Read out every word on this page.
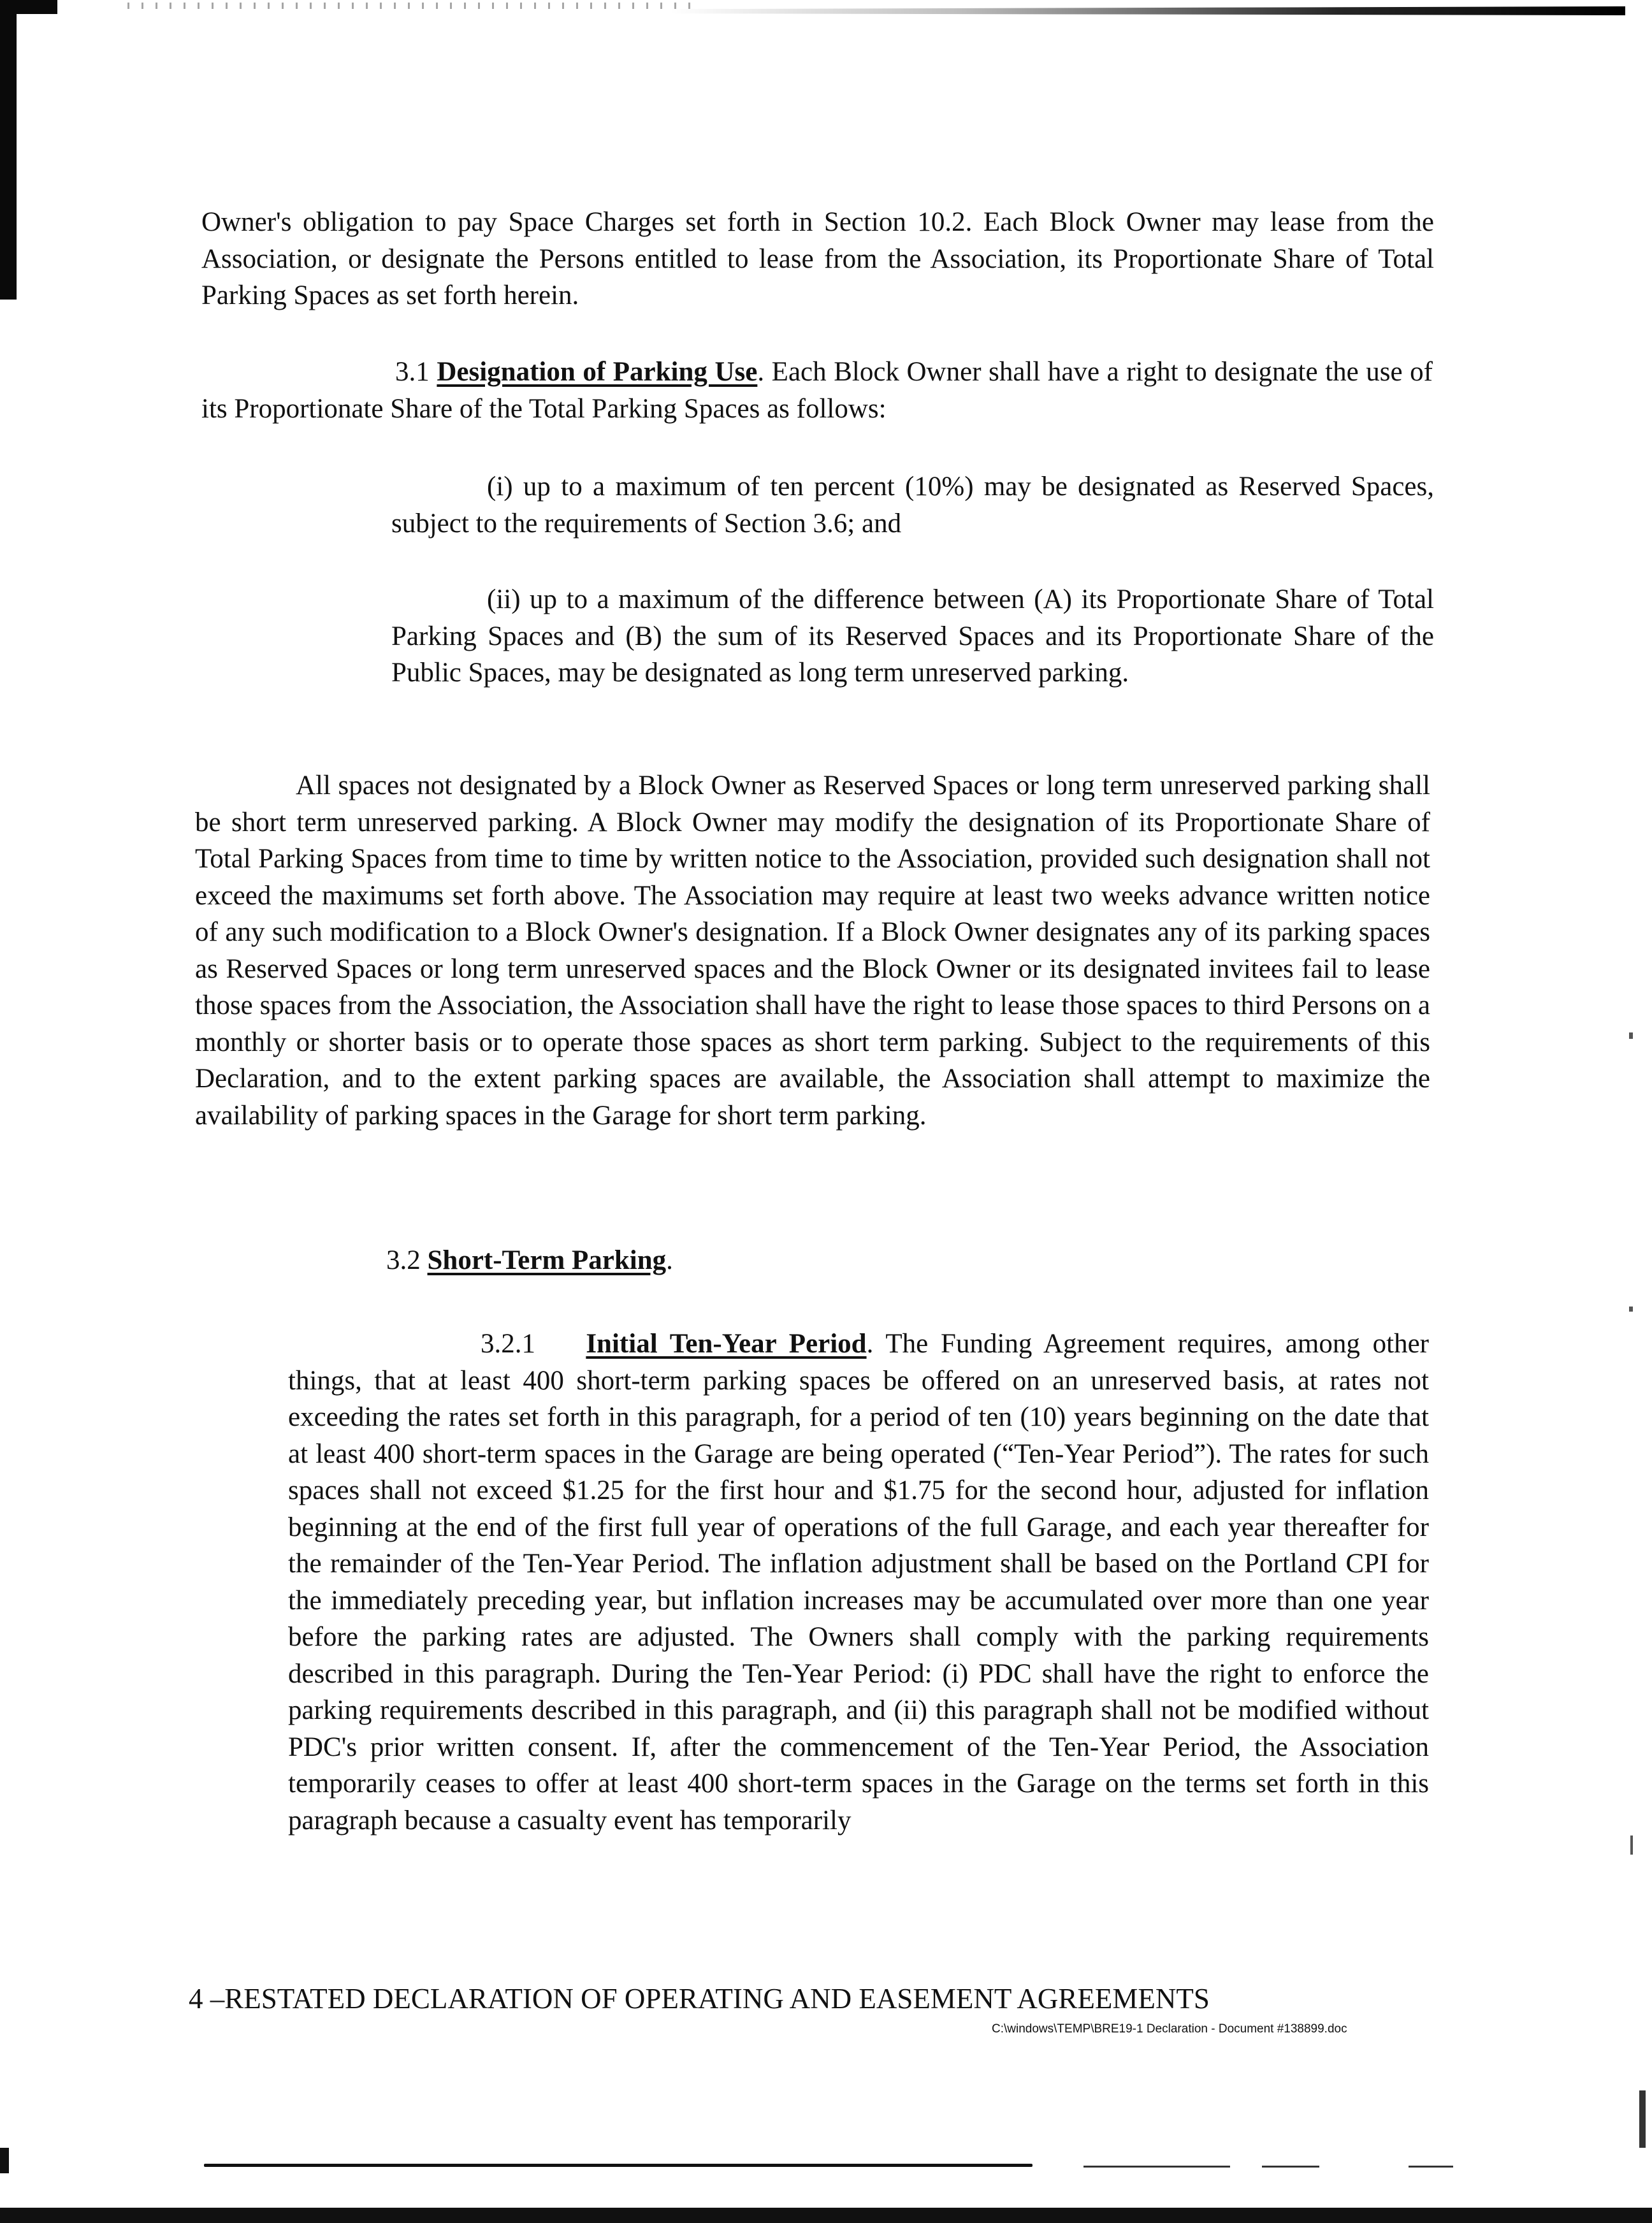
Owner's obligation to pay Space Charges set forth in Section 10.2. Each Block Owner may lease from the Association, or designate the Persons entitled to lease from the Association, its Proportionate Share of Total Parking Spaces as set forth herein.

3.1 Designation of Parking Use. Each Block Owner shall have a right to designate the use of its Proportionate Share of the Total Parking Spaces as follows:

(i) up to a maximum of ten percent (10%) may be designated as Reserved Spaces, subject to the requirements of Section 3.6; and

(ii) up to a maximum of the difference between (A) its Proportionate Share of Total Parking Spaces and (B) the sum of its Reserved Spaces and its Proportionate Share of the Public Spaces, may be designated as long term unreserved parking.

All spaces not designated by a Block Owner as Reserved Spaces or long term unreserved parking shall be short term unreserved parking. A Block Owner may modify the designation of its Proportionate Share of Total Parking Spaces from time to time by written notice to the Association, provided such designation shall not exceed the maximums set forth above. The Association may require at least two weeks advance written notice of any such modification to a Block Owner's designation. If a Block Owner designates any of its parking spaces as Reserved Spaces or long term unreserved spaces and the Block Owner or its designated invitees fail to lease those spaces from the Association, the Association shall have the right to lease those spaces to third Persons on a monthly or shorter basis or to operate those spaces as short term parking. Subject to the requirements of this Declaration, and to the extent parking spaces are available, the Association shall attempt to maximize the availability of parking spaces in the Garage for short term parking.

3.2 Short-Term Parking.

3.2.1 Initial Ten-Year Period. The Funding Agreement requires, among other things, that at least 400 short-term parking spaces be offered on an unreserved basis, at rates not exceeding the rates set forth in this paragraph, for a period of ten (10) years beginning on the date that at least 400 short-term spaces in the Garage are being operated (“Ten-Year Period”). The rates for such spaces shall not exceed $1.25 for the first hour and $1.75 for the second hour, adjusted for inflation beginning at the end of the first full year of operations of the full Garage, and each year thereafter for the remainder of the Ten-Year Period. The inflation adjustment shall be based on the Portland CPI for the immediately preceding year, but inflation increases may be accumulated over more than one year before the parking rates are adjusted. The Owners shall comply with the parking requirements described in this paragraph. During the Ten-Year Period: (i) PDC shall have the right to enforce the parking requirements described in this paragraph, and (ii) this paragraph shall not be modified without PDC's prior written consent. If, after the commencement of the Ten-Year Period, the Association temporarily ceases to offer at least 400 short-term spaces in the Garage on the terms set forth in this paragraph because a casualty event has temporarily

4 –RESTATED DECLARATION OF OPERATING AND EASEMENT AGREEMENTS

C:\windows\TEMP\BRE19-1 Declaration - Document #138899.doc
